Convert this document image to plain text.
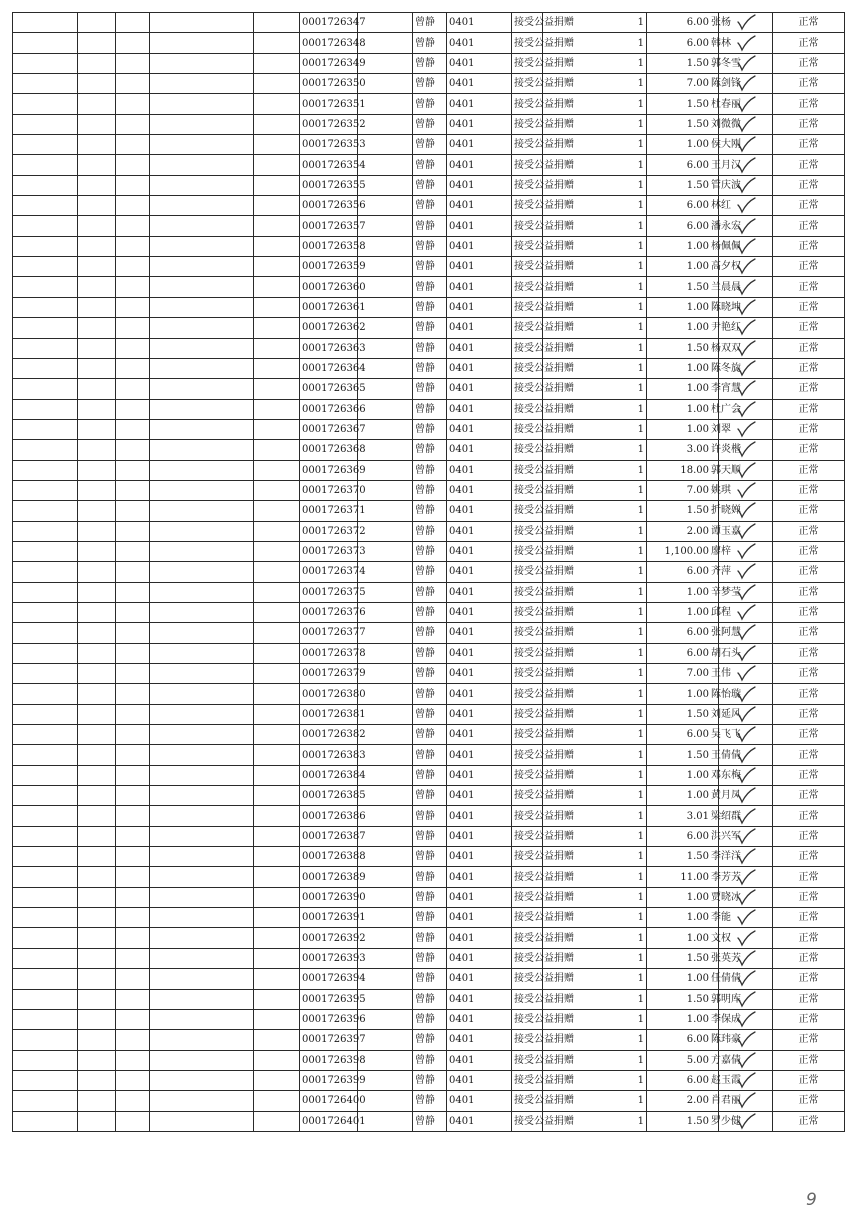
					0001726347		曾静	0401	接受公益捐赠	1	6.00 张杨		正常
					0001726348		曾静	0401	接受公益捐赠	1	6.00 韩林		正常
					0001726349		曾静	0401	接受公益捐赠	1	1.50 郭冬雪		正常
					0001726350		曾静	0401	接受公益捐赠	1	7.00 陈剑锋		正常
					0001726351		曾静	0401	接受公益捐赠	1	1.50 杜春丽		正常
					0001726352		曾静	0401	接受公益捐赠	1	1.50 刘微微		正常
					0001726353		曾静	0401	接受公益捐赠	1	1.00 侯大刚		正常
					0001726354		曾静	0401	接受公益捐赠	1	6.00 王月汉		正常
					0001726355		曾静	0401	接受公益捐赠	1	1.50 管庆波		正常
					0001726356		曾静	0401	接受公益捐赠	1	6.00 林红		正常
					0001726357		曾静	0401	接受公益捐赠	1	6.00 潘永宏		正常
					0001726358		曾静	0401	接受公益捐赠	1	1.00 杨佩佩		正常
					0001726359		曾静	0401	接受公益捐赠	1	1.00 高夕权		正常
					0001726360		曾静	0401	接受公益捐赠	1	1.50 兰晨晨		正常
					0001726361		曾静	0401	接受公益捐赠	1	1.00 陈晓坤		正常
					0001726362		曾静	0401	接受公益捐赠	1	1.00 尹艳红		正常
					0001726363		曾静	0401	接受公益捐赠	1	1.50 杨双双		正常
					0001726364		曾静	0401	接受公益捐赠	1	1.00 陈冬旋		正常
					0001726365		曾静	0401	接受公益捐赠	1	1.00 李宵慧		正常
					0001726366		曾静	0401	接受公益捐赠	1	1.00 杜广会		正常
					0001726367		曾静	0401	接受公益捐赠	1	1.00 刘翠		正常
					0001726368		曾静	0401	接受公益捐赠	1	3.00 许炎楷		正常
					0001726369		曾静	0401	接受公益捐赠	1	18.00 郭天顺		正常
					0001726370		曾静	0401	接受公益捐赠	1	7.00 姚琪		正常
					0001726371		曾静	0401	接受公益捐赠	1	1.50 折晓婵		正常
					0001726372		曾静	0401	接受公益捐赠	1	2.00 谭玉嘉		正常
					0001726373		曾静	0401	接受公益捐赠	1	1,100.00 廖梓		正常
					0001726374		曾静	0401	接受公益捐赠	1	6.00 齐萍		正常
					0001726375		曾静	0401	接受公益捐赠	1	1.00 辛梦莹		正常
					0001726376		曾静	0401	接受公益捐赠	1	1.00 邱程		正常
					0001726377		曾静	0401	接受公益捐赠	1	6.00 张阿慧		正常
					0001726378		曾静	0401	接受公益捐赠	1	6.00 胡石头		正常
					0001726379		曾静	0401	接受公益捐赠	1	7.00 王伟		正常
					0001726380		曾静	0401	接受公益捐赠	1	1.00 陈怡璇		正常
					0001726381		曾静	0401	接受公益捐赠	1	1.50 刘延风		正常
					0001726382		曾静	0401	接受公益捐赠	1	6.00 吴飞飞		正常
					0001726383		曾静	0401	接受公益捐赠	1	1.50 王倩倩		正常
					0001726384		曾静	0401	接受公益捐赠	1	1.00 邓东梅		正常
					0001726385		曾静	0401	接受公益捐赠	1	1.00 黄月凤		正常
					0001726386		曾静	0401	接受公益捐赠	1	3.01 梁绍群		正常
					0001726387		曾静	0401	接受公益捐赠	1	6.00 洪兴军		正常
					0001726388		曾静	0401	接受公益捐赠	1	1.50 李洋洋		正常
					0001726389		曾静	0401	接受公益捐赠	1	11.00 李芳芳		正常
					0001726390		曾静	0401	接受公益捐赠	1	1.00 贾晓冰		正常
					0001726391		曾静	0401	接受公益捐赠	1	1.00 李能		正常
					0001726392		曾静	0401	接受公益捐赠	1	1.00 文权		正常
					0001726393		曾静	0401	接受公益捐赠	1	1.50 张英芳		正常
					0001726394		曾静	0401	接受公益捐赠	1	1.00 任倩倩		正常
					0001726395		曾静	0401	接受公益捐赠	1	1.50 郭明库		正常
					0001726396		曾静	0401	接受公益捐赠	1	1.00 李保成		正常
					0001726397		曾静	0401	接受公益捐赠	1	6.00 陈玮豪		正常
					0001726398		曾静	0401	接受公益捐赠	1	5.00 方嘉倩		正常
					0001726399		曾静	0401	接受公益捐赠	1	6.00 赵玉霞		正常
					0001726400		曾静	0401	接受公益捐赠	1	2.00 肖君丽		正常
					0001726401		曾静	0401	接受公益捐赠	1	1.50 罗少健		正常
9
